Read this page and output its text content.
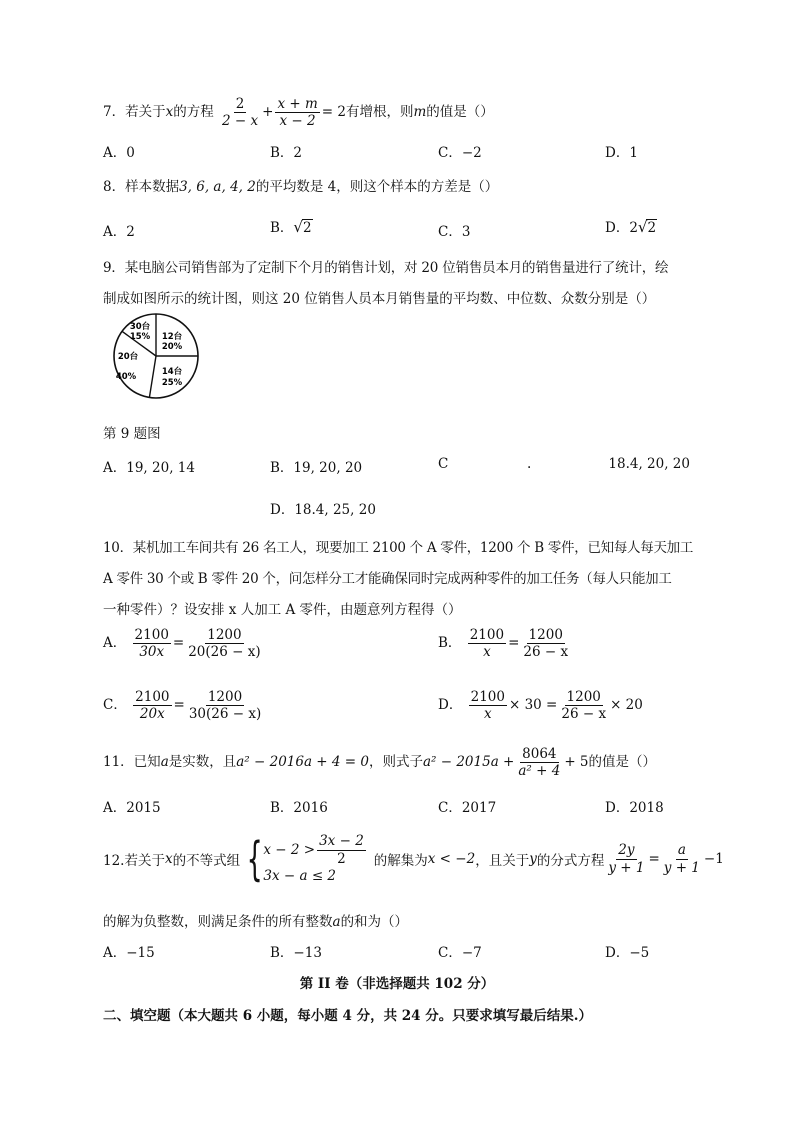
7．若关于x的方程 $\frac{2}{2 - x} + \frac{x + m}{x - 2} = 2$有增根，则m的值是（）
A．0	B．2	C．−2	D．1
8．样本数据3, 6, a, 4, 2的平均数是 4，则这个样本的方差是（）
A．2	B．√2	C．3	D．2√2
9．某电脑公司销售部为了定制下个月的销售计划，对 20 位销售员本月的销售量进行了统计，绘
制成如图所示的统计图，则这 20 位销售人员本月销售量的平均数、中位数、众数分别是（）
30台
15% 12台
20%
14台
25%
20台
40%
第 9 题图
A．19, 20, 14	B．19, 20, 20	C	.	18.4, 20, 20
D．18.4, 25, 20
10．某机加工车间共有 26 名工人，现要加工 2100 个 A 零件，1200 个 B 零件，已知每人每天加工
A 零件 30 个或 B 零件 20 个，问怎样分工才能确保同时完成两种零件的加工任务（每人只能加工
一种零件）？设安排 x 人加工 A 零件，由题意列方程得（）
A． $\frac{2100}{30x} = \frac{1200}{20(26 - x)}$	B． $\frac{2100}{x} = \frac{1200}{26 - x}$
C． $\frac{2100}{20x} = \frac{1200}{30(26 - x)}$	D． $\frac{2100}{x} \times 30 = \frac{1200}{26 - x} \times 20$
11．已知a是实数，且a² − 2016a + 4 = 0，则式子$a^2 - 2015a + \frac{8064}{\text{a² + 4}} + 5$的值是（）
A．2015	B．2016	C．2017	D．2018
12.若关于 x 的不等式组 { $x - 2 > \frac{3x - 2}{2}$
3x − a ≤ 2
的解集为 x < −2 ，且关于 y 的分式方程 $\frac{2y}{y + 1} = \frac{a}{y + 1} -1$
的解为负整数，则满足条件的所有整数a的和为（）
A．−15	B．−13	C．−7	D．−5
第 II 卷（非选择题共 102 分）
二、填空题（本大题共 6 小题，每小题 4 分，共 24 分。只要求填写最后结果.）
